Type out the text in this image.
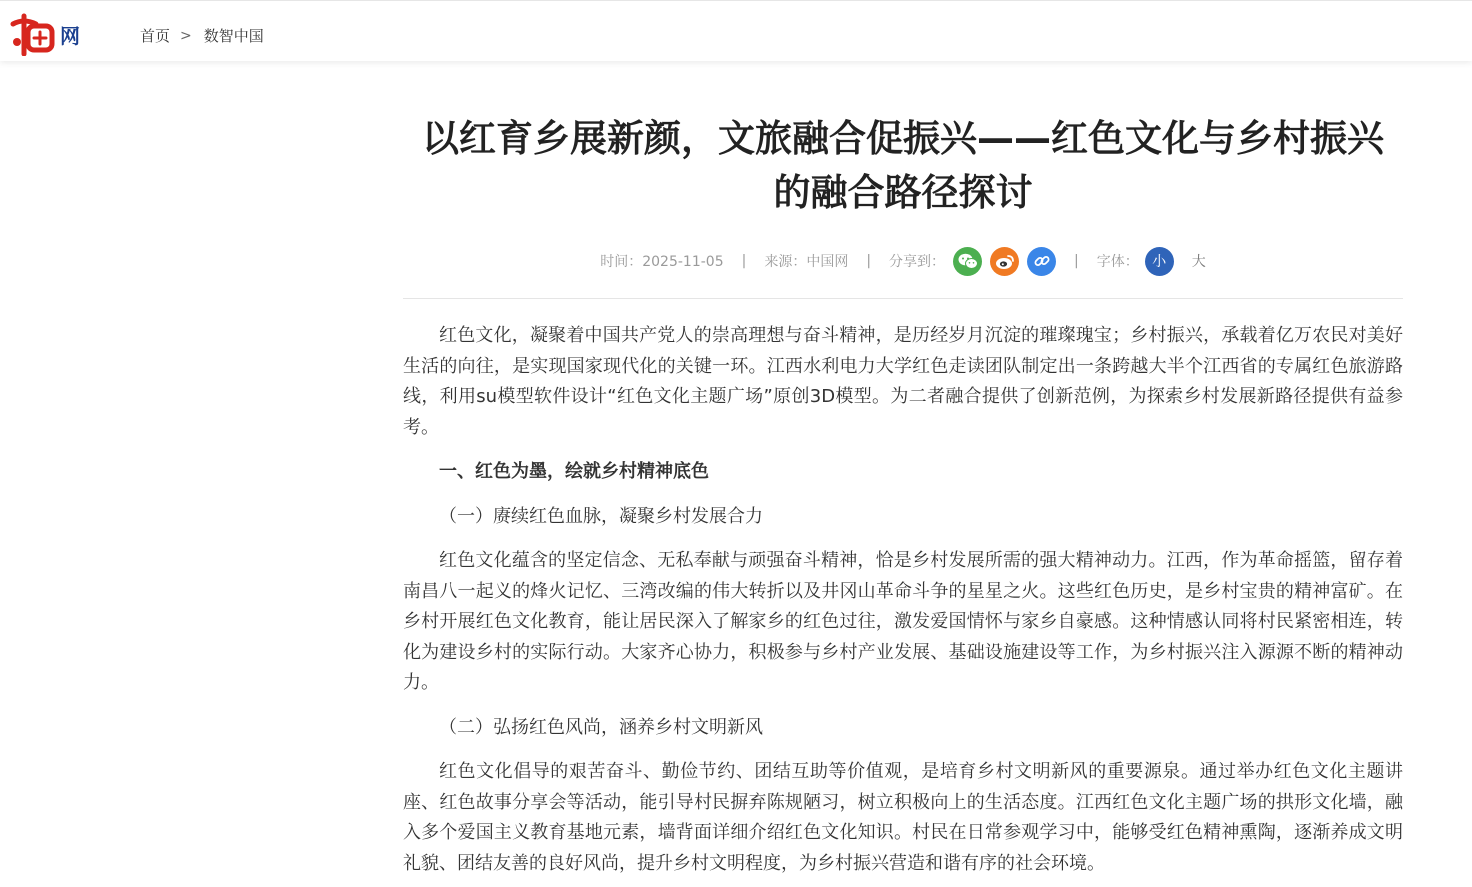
网	首页 > 数智中国
以红育乡展新颜，文旅融合促振兴——红色文化与乡村振兴的融合路径探讨
时间：2025-11-05 | 来源：中国网 | 分享到：	| 字体： 小	大

红色文化，凝聚着中国共产党人的崇高理想与奋斗精神，是历经岁月沉淀的璀璨瑰宝；乡村振兴，承载着亿万农民对美好生活的向往，是实现国家现代化的关键一环。江西水利电力大学红色走读团队制定出一条跨越大半个江西省的专属红色旅游路线，利用su模型软件设计“红色文化主题广场”原创3D模型。为二者融合提供了创新范例，为探索乡村发展新路径提供有益参考。

一、红色为墨，绘就乡村精神底色

（一）赓续红色血脉，凝聚乡村发展合力

红色文化蕴含的坚定信念、无私奉献与顽强奋斗精神，恰是乡村发展所需的强大精神动力。江西，作为革命摇篮，留存着南昌八一起义的烽火记忆、三湾改编的伟大转折以及井冈山革命斗争的星星之火。这些红色历史，是乡村宝贵的精神富矿。在乡村开展红色文化教育，能让居民深入了解家乡的红色过往，激发爱国情怀与家乡自豪感。这种情感认同将村民紧密相连，转化为建设乡村的实际行动。大家齐心协力，积极参与乡村产业发展、基础设施建设等工作，为乡村振兴注入源源不断的精神动力。

（二）弘扬红色风尚，涵养乡村文明新风

红色文化倡导的艰苦奋斗、勤俭节约、团结互助等价值观，是培育乡村文明新风的重要源泉。通过举办红色文化主题讲座、红色故事分享会等活动，能引导村民摒弃陈规陋习，树立积极向上的生活态度。江西红色文化主题广场的拱形文化墙，融入多个爱国主义教育基地元素，墙背面详细介绍红色文化知识。村民在日常参观学习中，能够受红色精神熏陶，逐渐养成文明礼貌、团结友善的良好风尚，提升乡村文明程度，为乡村振兴营造和谐有序的社会环境。
